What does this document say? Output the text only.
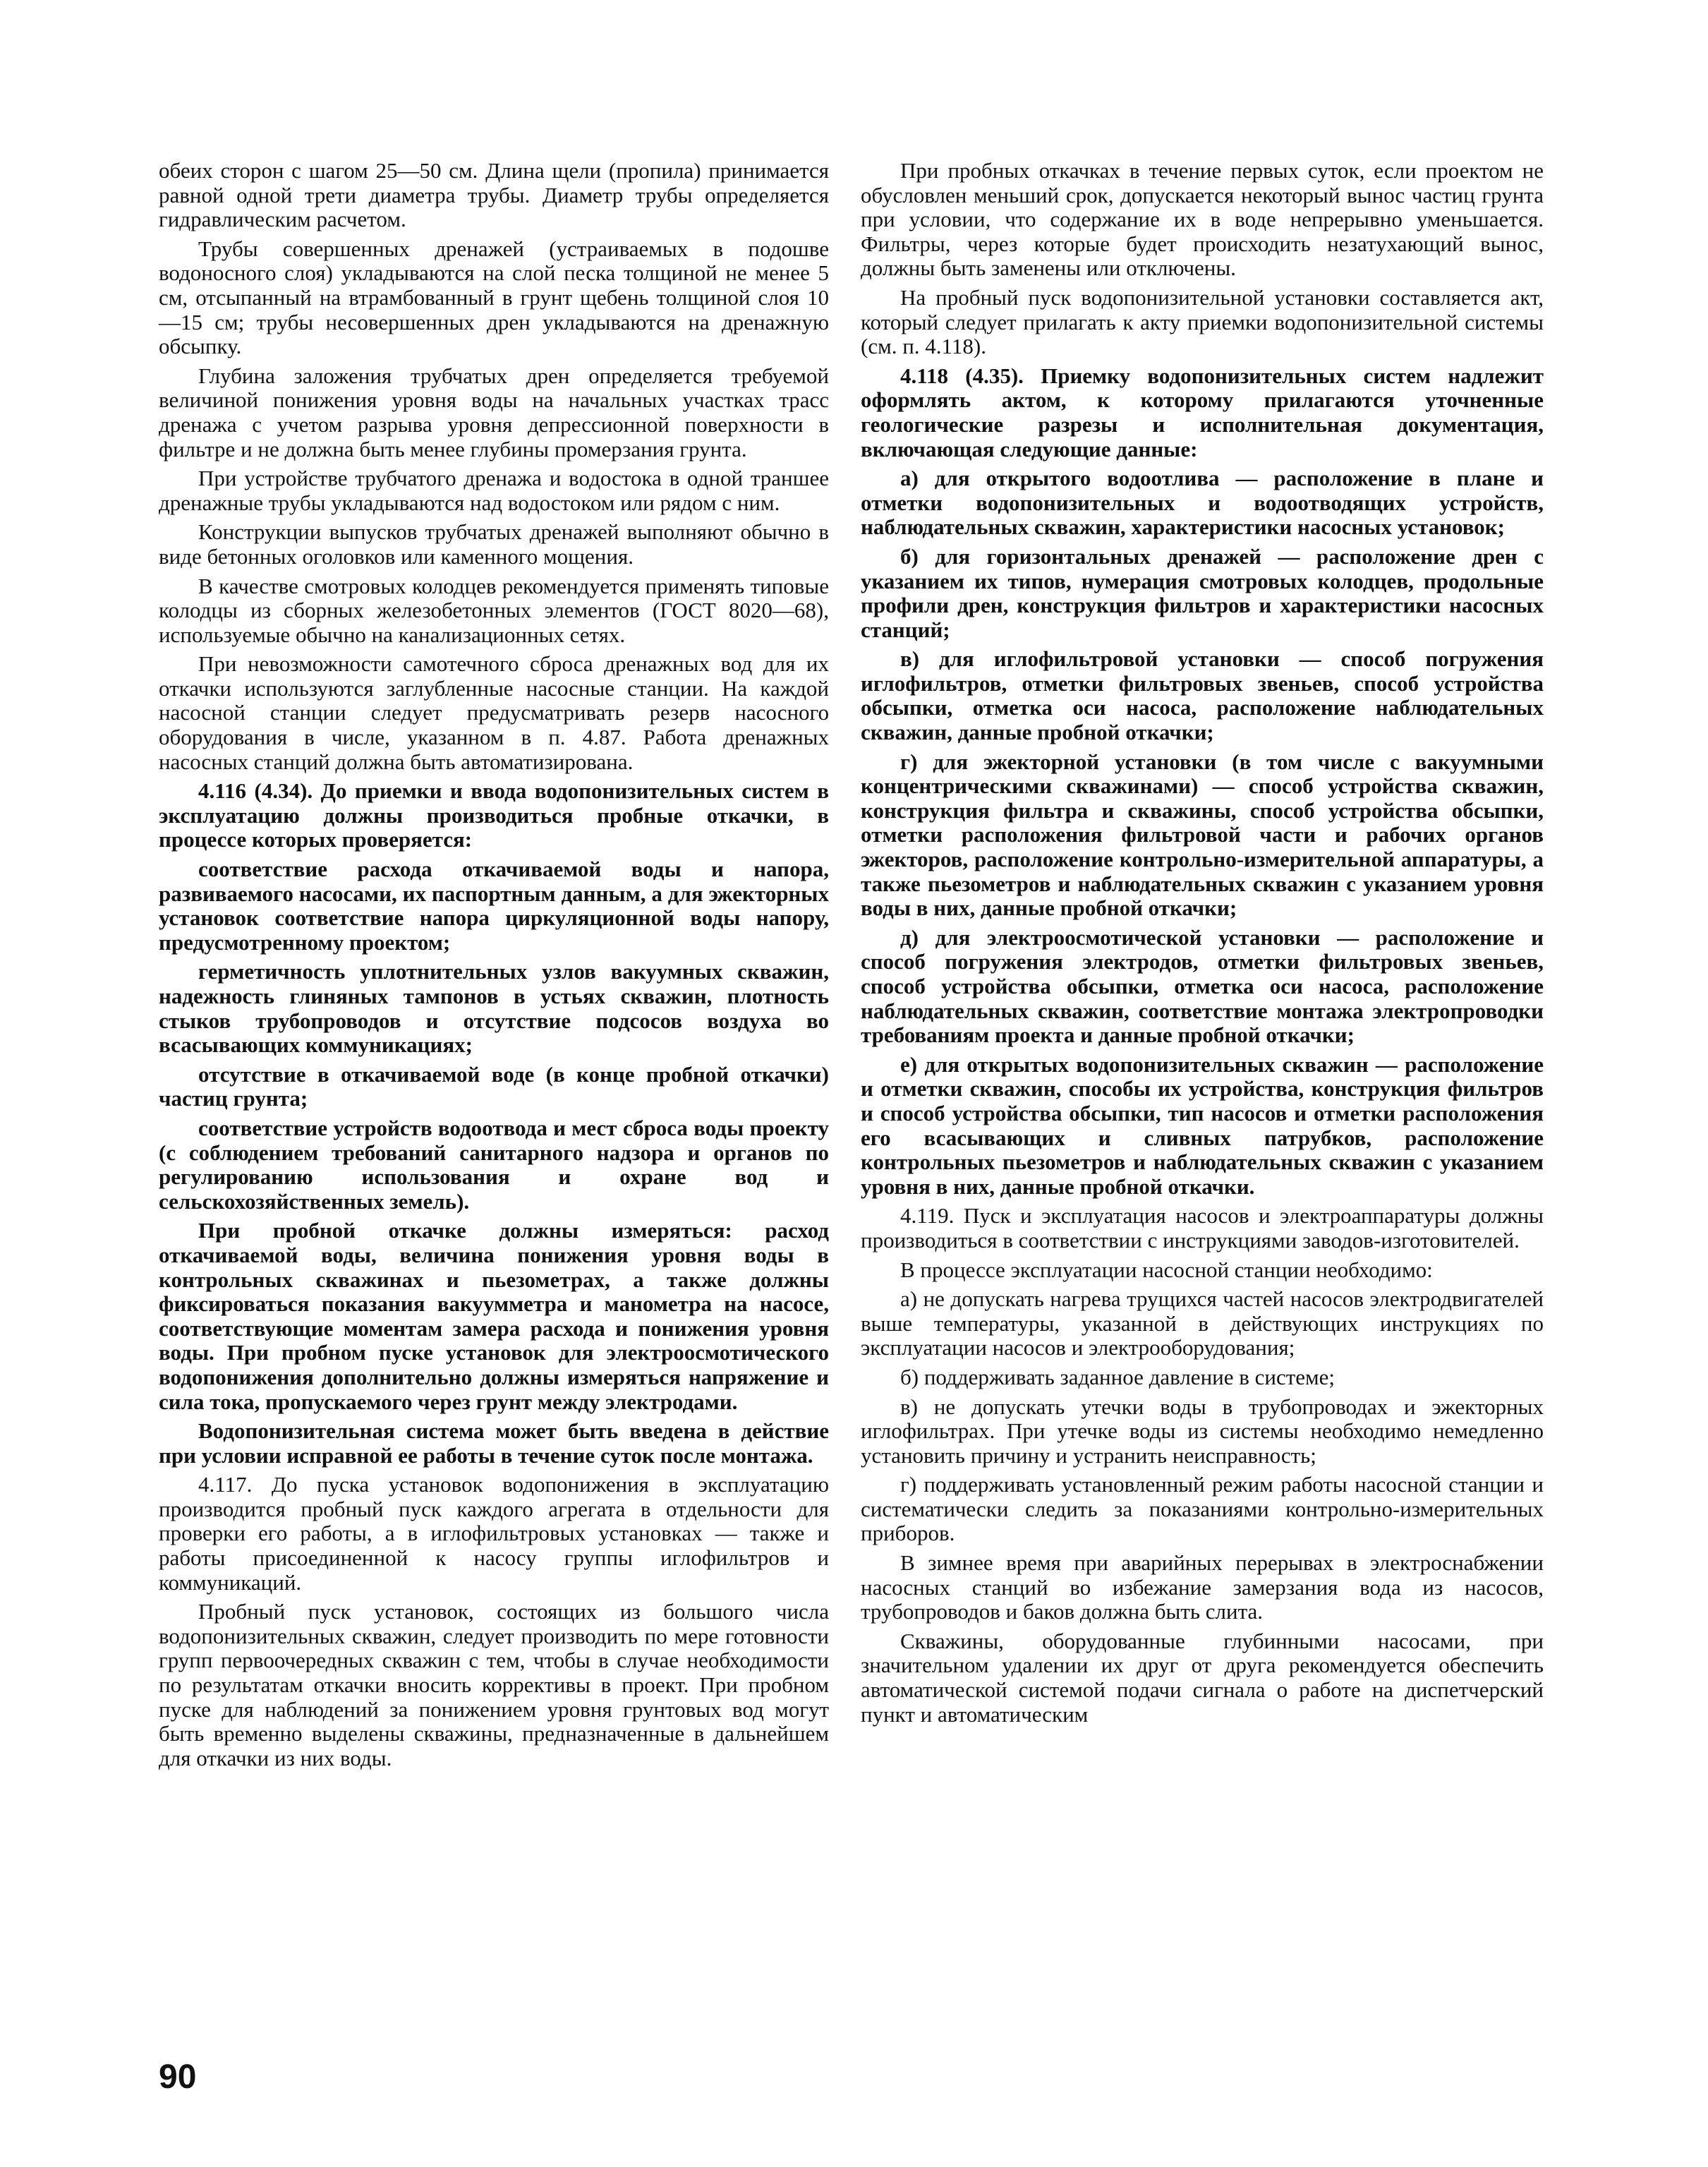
обеих сторон с шагом 25—50 см. Длина щели (пропила) принимается равной одной трети диаметра трубы. Диаметр трубы определяется гидравлическим расчетом.

Трубы совершенных дренажей (устраиваемых в подошве водоносного слоя) укладываются на слой песка толщиной не менее 5 см, отсыпанный на втрамбованный в грунт щебень толщиной слоя 10—15 см; трубы несовершенных дрен укладываются на дренажную обсыпку.

Глубина заложения трубчатых дрен определяется требуемой величиной понижения уровня воды на начальных участках трасс дренажа с учетом разрыва уровня депрессионной поверхности в фильтре и не должна быть менее глубины промерзания грунта.

При устройстве трубчатого дренажа и водостока в одной траншее дренажные трубы укладываются над водостоком или рядом с ним.

Конструкции выпусков трубчатых дренажей выполняют обычно в виде бетонных оголовков или каменного мощения.

В качестве смотровых колодцев рекомендуется применять типовые колодцы из сборных железобетонных элементов (ГОСТ 8020—68), используемые обычно на канализационных сетях.

При невозможности самотечного сброса дренажных вод для их откачки используются заглубленные насосные станции. На каждой насосной станции следует предусматривать резерв насосного оборудования в числе, указанном в п. 4.87. Работа дренажных насосных станций должна быть автоматизирована.

4.116 (4.34). До приемки и ввода водопонизительных систем в эксплуатацию должны производиться пробные откачки, в процессе которых проверяется:

соответствие расхода откачиваемой воды и напора, развиваемого насосами, их паспортным данным, а для эжекторных установок соответствие напора циркуляционной воды напору, предусмотренному проектом;

герметичность уплотнительных узлов вакуумных скважин, надежность глиняных тампонов в устьях скважин, плотность стыков трубопроводов и отсутствие подсосов воздуха во всасывающих коммуникациях;

отсутствие в откачиваемой воде (в конце пробной откачки) частиц грунта;

соответствие устройств водоотвода и мест сброса воды проекту (с соблюдением требований санитарного надзора и органов по регулированию использования и охране вод и сельскохозяйственных земель).

При пробной откачке должны измеряться: расход откачиваемой воды, величина понижения уровня воды в контрольных скважинах и пьезометрах, а также должны фиксироваться показания вакуумметра и манометра на насосе, соответствующие моментам замера расхода и понижения уровня воды. При пробном пуске установок для электроосмотического водопонижения дополнительно должны измеряться напряжение и сила тока, пропускаемого через грунт между электродами.

Водопонизительная система может быть введена в действие при условии исправной ее работы в течение суток после монтажа.

4.117. До пуска установок водопонижения в эксплуатацию производится пробный пуск каждого агрегата в отдельности для проверки его работы, а в иглофильтровых установках — также и работы присоединенной к насосу группы иглофильтров и коммуникаций.

Пробный пуск установок, состоящих из большого числа водопонизительных скважин, следует производить по мере готовности групп первоочередных скважин с тем, чтобы в случае необходимости по результатам откачки вносить коррективы в проект. При пробном пуске для наблюдений за понижением уровня грунтовых вод могут быть временно выделены скважины, предназначенные в дальнейшем для откачки из них воды.

При пробных откачках в течение первых суток, если проектом не обусловлен меньший срок, допускается некоторый вынос частиц грунта при условии, что содержание их в воде непрерывно уменьшается. Фильтры, через которые будет происходить незатухающий вынос, должны быть заменены или отключены.

На пробный пуск водопонизительной установки составляется акт, который следует прилагать к акту приемки водопонизительной системы (см. п. 4.118).

4.118 (4.35). Приемку водопонизительных систем надлежит оформлять актом, к которому прилагаются уточненные геологические разрезы и исполнительная документация, включающая следующие данные:

а) для открытого водоотлива — расположение в плане и отметки водопонизительных и водоотводящих устройств, наблюдательных скважин, характеристики насосных установок;

б) для горизонтальных дренажей — расположение дрен с указанием их типов, нумерация смотровых колодцев, продольные профили дрен, конструкция фильтров и характеристики насосных станций;

в) для иглофильтровой установки — способ погружения иглофильтров, отметки фильтровых звеньев, способ устройства обсыпки, отметка оси насоса, расположение наблюдательных скважин, данные пробной откачки;

г) для эжекторной установки (в том числе с вакуумными концентрическими скважинами) — способ устройства скважин, конструкция фильтра и скважины, способ устройства обсыпки, отметки расположения фильтровой части и рабочих органов эжекторов, расположение контрольно-измерительной аппаратуры, а также пьезометров и наблюдательных скважин с указанием уровня воды в них, данные пробной откачки;

д) для электроосмотической установки — расположение и способ погружения электродов, отметки фильтровых звеньев, способ устройства обсыпки, отметка оси насоса, расположение наблюдательных скважин, соответствие монтажа электропроводки требованиям проекта и данные пробной откачки;

е) для открытых водопонизительных скважин — расположение и отметки скважин, способы их устройства, конструкция фильтров и способ устройства обсыпки, тип насосов и отметки расположения его всасывающих и сливных патрубков, расположение контрольных пьезометров и наблюдательных скважин с указанием уровня в них, данные пробной откачки.

4.119. Пуск и эксплуатация насосов и электроаппаратуры должны производиться в соответствии с инструкциями заводов-изготовителей.

В процессе эксплуатации насосной станции необходимо:

а) не допускать нагрева трущихся частей насосов электродвигателей выше температуры, указанной в действующих инструкциях по эксплуатации насосов и электрооборудования;

б) поддерживать заданное давление в системе;

в) не допускать утечки воды в трубопроводах и эжекторных иглофильтрах. При утечке воды из системы необходимо немедленно установить причину и устранить неисправность;

г) поддерживать установленный режим работы насосной станции и систематически следить за показаниями контрольно-измерительных приборов.

В зимнее время при аварийных перерывах в электроснабжении насосных станций во избежание замерзания вода из насосов, трубопроводов и баков должна быть слита.

Скважины, оборудованные глубинными насосами, при значительном удалении их друг от друга рекомендуется обеспечить автоматической системой подачи сигнала о работе на диспетчерский пункт и автоматическим

90
